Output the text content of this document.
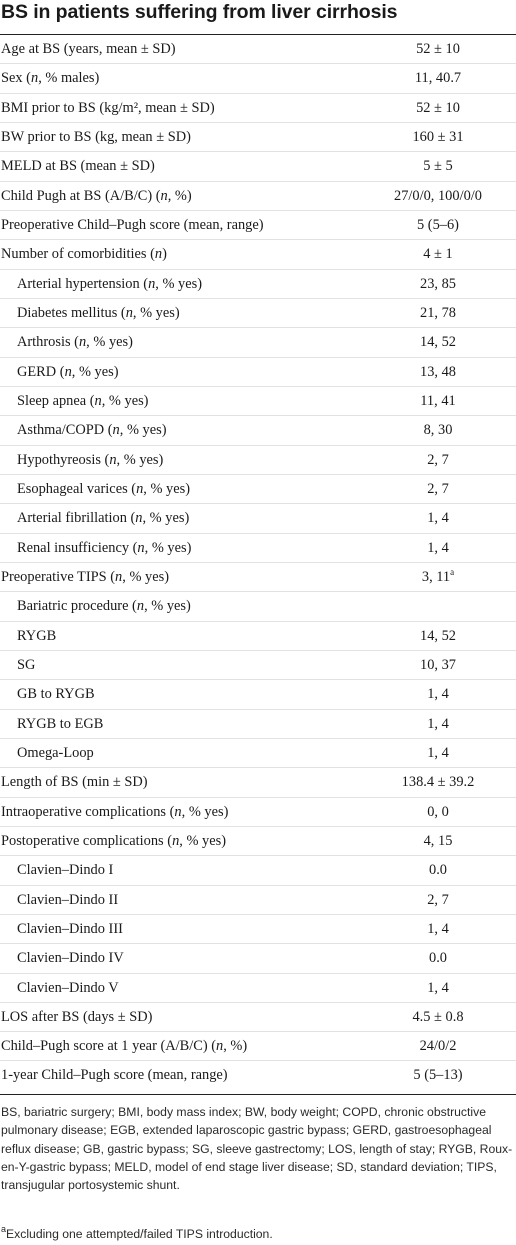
BS in patients suffering from liver cirrhosis
Age at BS (years, mean ± SD)	52 ± 10
Sex (n, % males)	11, 40.7
BMI prior to BS (kg/m², mean ± SD)	52 ± 10
BW prior to BS (kg, mean ± SD)	160 ± 31
MELD at BS (mean ± SD)	5 ± 5
Child Pugh at BS (A/B/C) (n, %)	27/0/0, 100/0/0
Preoperative Child–Pugh score (mean, range)	5 (5–6)
Number of comorbidities (n)	4 ± 1
Arterial hypertension (n, % yes)	23, 85
Diabetes mellitus (n, % yes)	21, 78
Arthrosis (n, % yes)	14, 52
GERD (n, % yes)	13, 48
Sleep apnea (n, % yes)	11, 41
Asthma/COPD (n, % yes)	8, 30
Hypothyreosis (n, % yes)	2, 7
Esophageal varices (n, % yes)	2, 7
Arterial fibrillation (n, % yes)	1, 4
Renal insufficiency (n, % yes)	1, 4
Preoperative TIPS (n, % yes)	3, 11$^a$
Bariatric procedure (n, % yes)
RYGB	14, 52
SG	10, 37
GB to RYGB	1, 4
RYGB to EGB	1, 4
Omega-Loop	1, 4
Length of BS (min ± SD)	138.4 ± 39.2
Intraoperative complications (n, % yes)	0, 0
Postoperative complications (n, % yes)	4, 15
Clavien–Dindo I	0.0
Clavien–Dindo II	2, 7
Clavien–Dindo III	1, 4
Clavien–Dindo IV	0.0
Clavien–Dindo V	1, 4
LOS after BS (days ± SD)	4.5 ± 0.8
Child–Pugh score at 1 year (A/B/C) (n, %)	24/0/2
1-year Child–Pugh score (mean, range)	5 (5–13)
BS, bariatric surgery; BMI, body mass index; BW, body weight; COPD, chronic obstructive pulmonary disease; EGB, extended laparoscopic gastric bypass; GERD, gastroesophageal reflux disease; GB, gastric bypass; SG, sleeve gastrectomy; LOS, length of stay; RYGB, Roux-en-Y-gastric bypass; MELD, model of end stage liver disease; SD, standard deviation; TIPS, transjugular portosystemic shunt.
$^a$Excluding one attempted/failed TIPS introduction.
